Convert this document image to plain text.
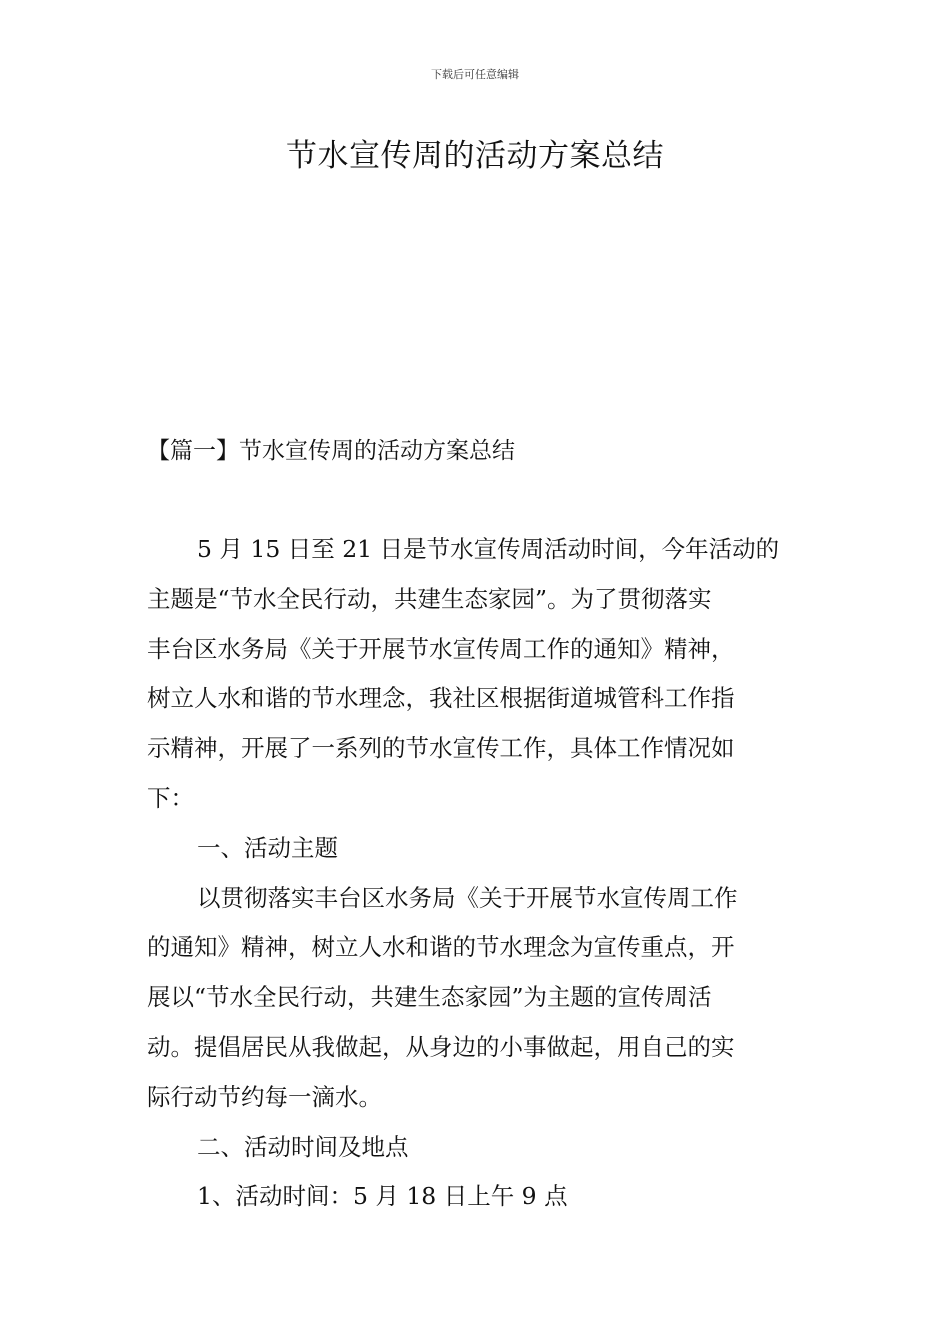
下载后可任意编辑
节水宣传周的活动方案总结
【篇一】节水宣传周的活动方案总结
5 月 15 日至 21 日是节水宣传周活动时间，今年活动的
主题是“节水全民行动，共建生态家园”。为了贯彻落实
丰台区水务局《关于开展节水宣传周工作的通知》精神，
树立人水和谐的节水理念，我社区根据街道城管科工作指
示精神，开展了一系列的节水宣传工作，具体工作情况如
下：
一、活动主题
以贯彻落实丰台区水务局《关于开展节水宣传周工作
的通知》精神，树立人水和谐的节水理念为宣传重点，开
展以“节水全民行动，共建生态家园”为主题的宣传周活
动。提倡居民从我做起，从身边的小事做起，用自己的实
际行动节约每一滴水。
二、活动时间及地点
1、活动时间：5 月 18 日上午 9 点
